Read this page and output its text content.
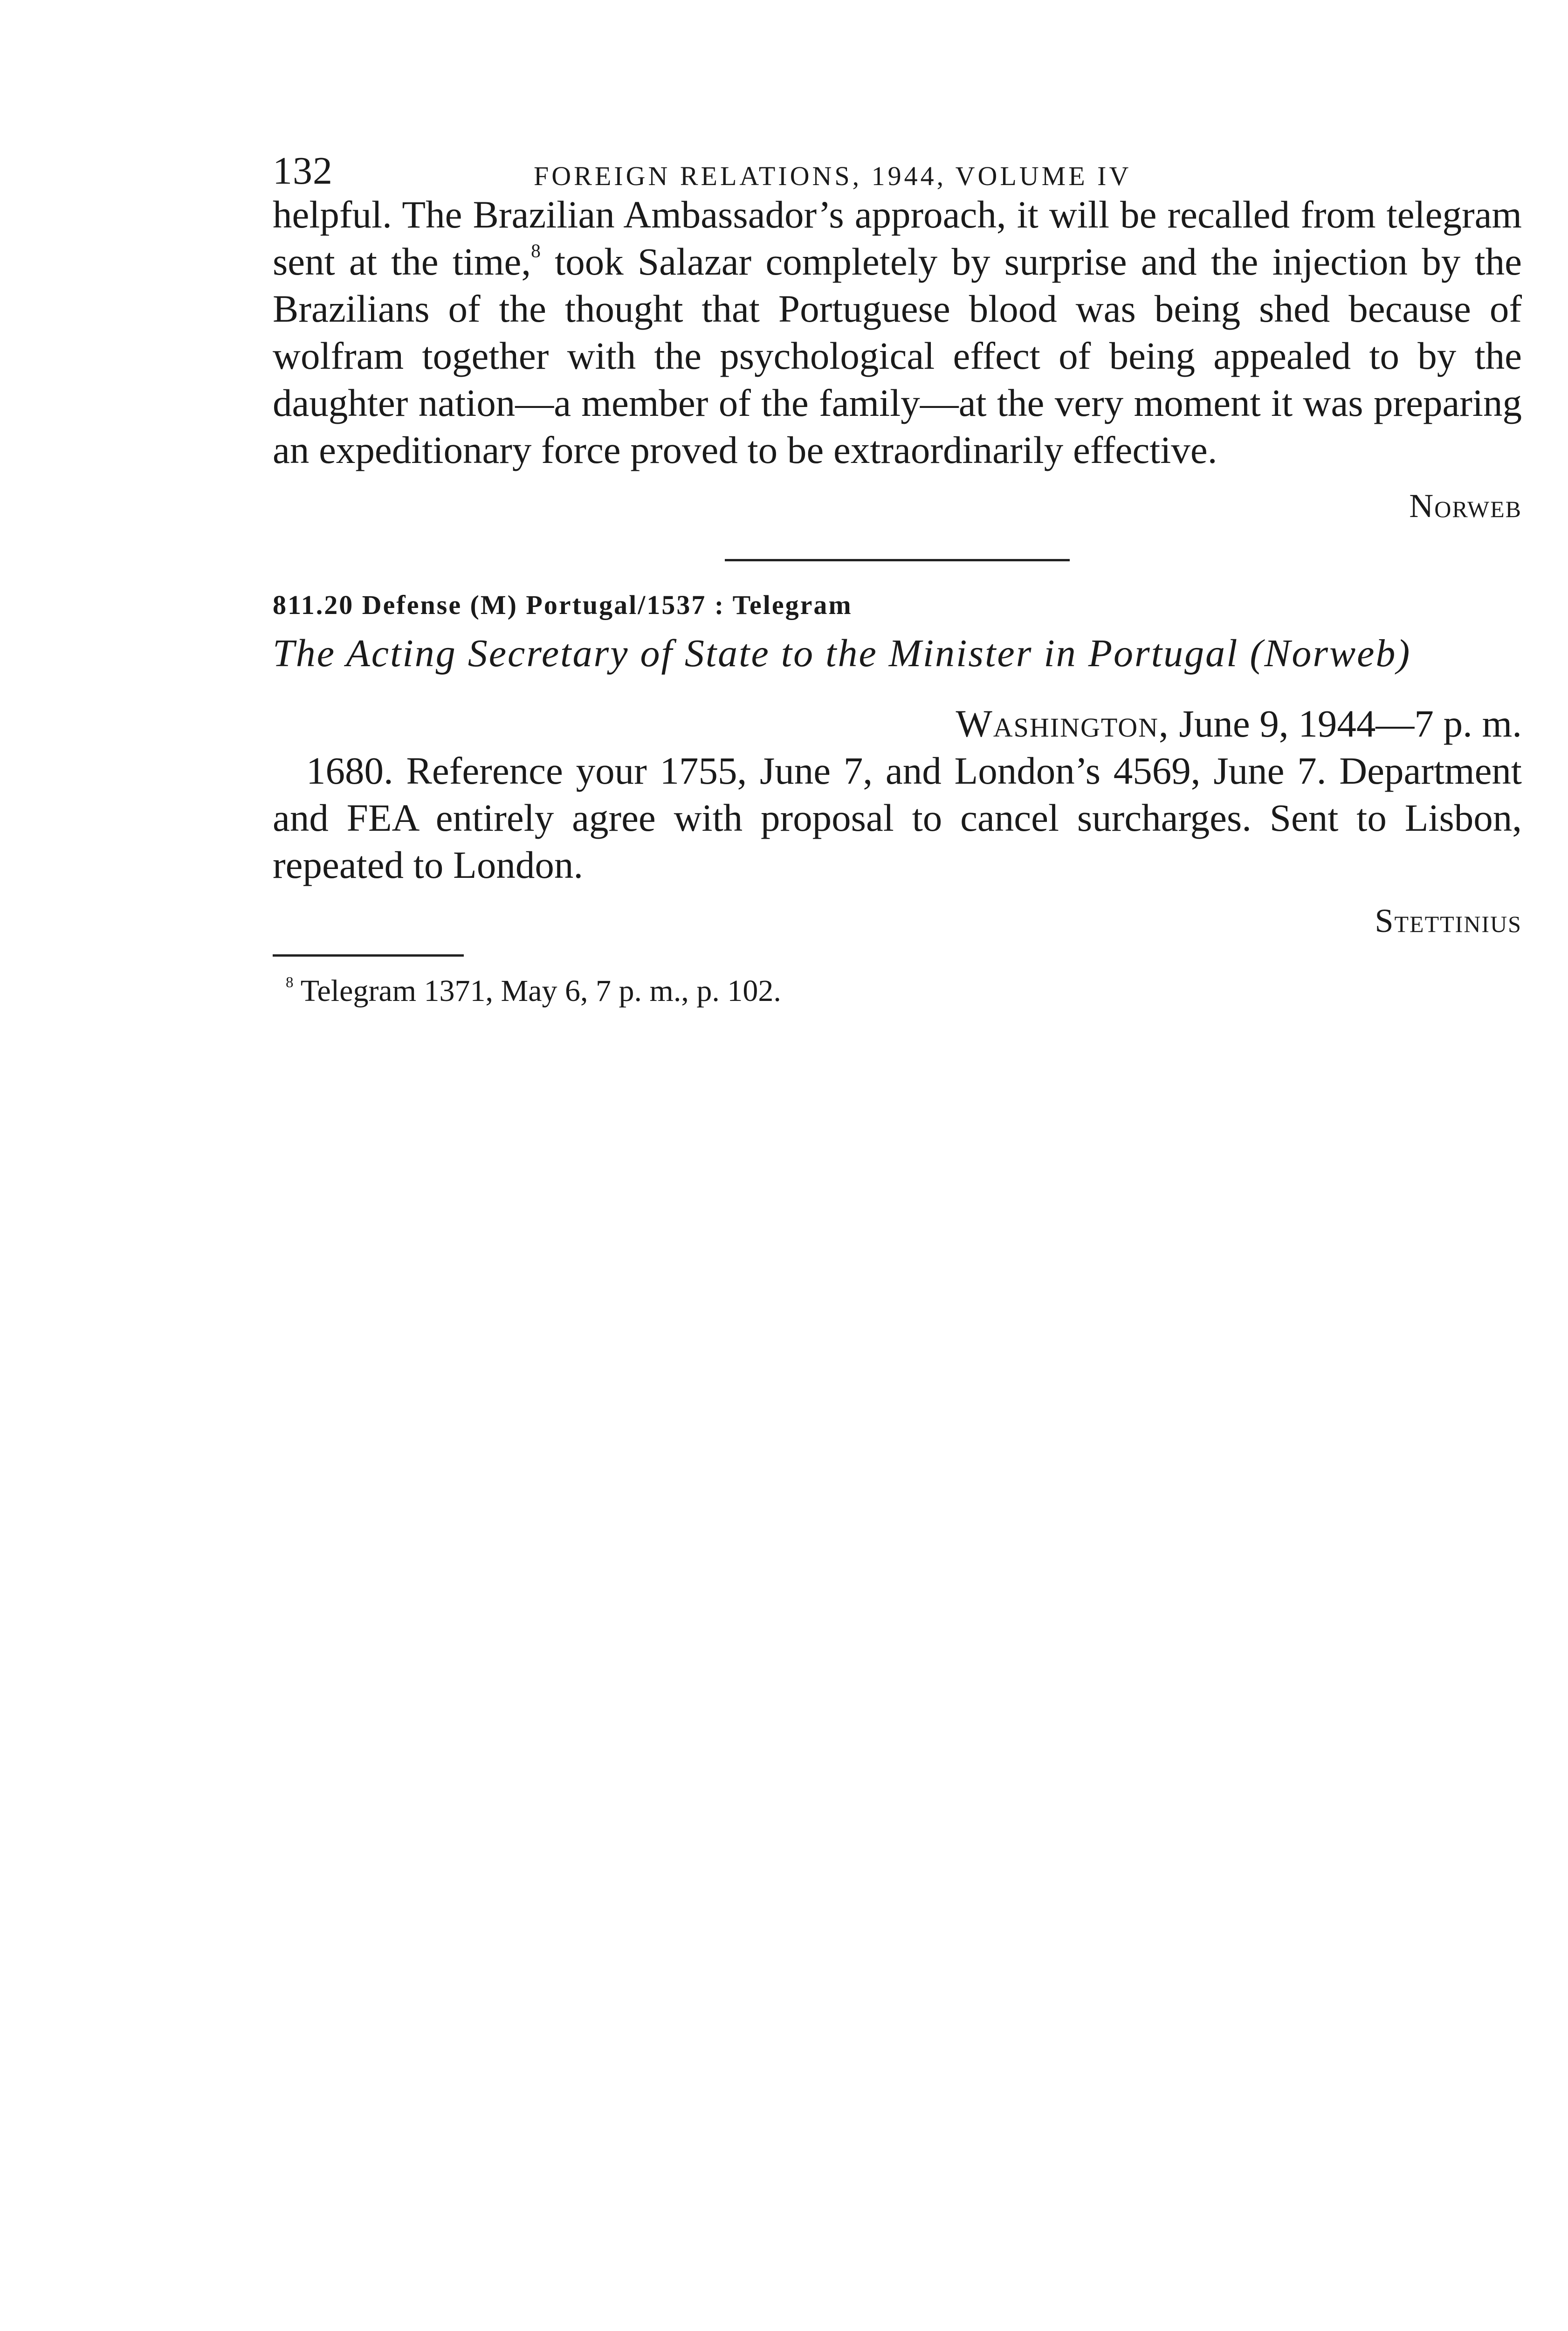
132	FOREIGN RELATIONS, 1944, VOLUME IV

helpful. The Brazilian Ambassador’s approach, it will be recalled from telegram sent at the time,$^8$ took Salazar completely by surprise and the injection by the Brazilians of the thought that Portuguese blood was being shed because of wolfram together with the psychological effect of being appealed to by the daughter nation—a member of the family—at the very moment it was preparing an expeditionary force proved to be extraordinarily effective.

Norweb
811.20 Defense (M) Portugal/1537 : Telegram
The Acting Secretary of State to the Minister in Portugal (Norweb)
Washington, June 9, 1944—7 p. m.

1680. Reference your 1755, June 7, and London’s 4569, June 7. Department and FEA entirely agree with proposal to cancel surcharges. Sent to Lisbon, repeated to London.

Stettinius
$^8$ Telegram 1371, May 6, 7 p. m., p. 102.
